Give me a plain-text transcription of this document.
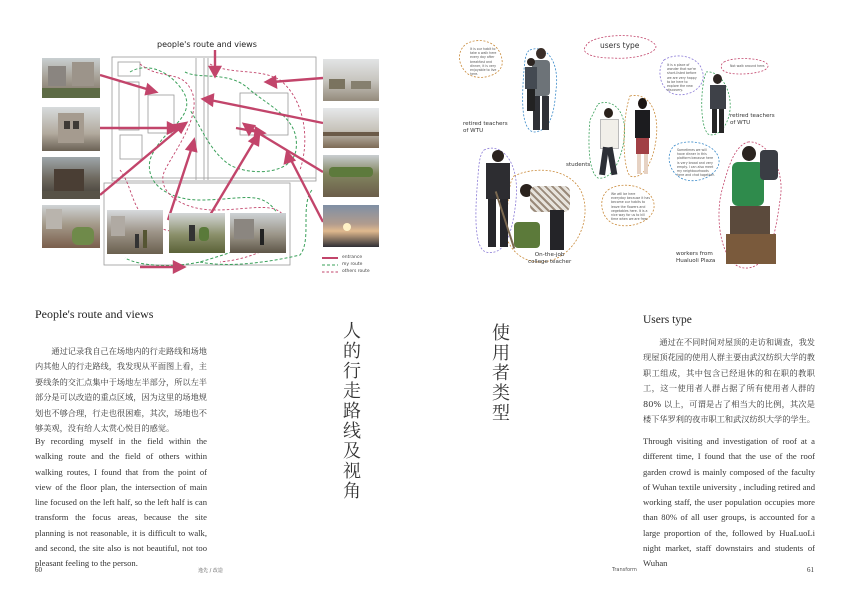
people's route and views
entrance
my route
others route
People's route and views
通过记录我自己在场地内的行走路线和场地内其他人的行走路线，我发现从平面图上看，主要线条的交汇点集中于场地左半部分，所以左半部分是可以改造的重点区域，因为这里的场地规划也不够合理，行走也很困难，其次，场地也不够美观，没有给人太赏心悦目的感觉。
By recording myself in the field within the walking route and the field of others within walking routes, I found that from the point of view of the floor plan, the intersection of main line focused on the left half, so the left half is can transform the focus areas, because the site planning is not reasonable, it is difficult to walk, and second, the site also is not beautiful, not too pleasant feeling to the person.
人的行走路线及视角
60	逸先 / 改造
users type
It is our habit to take a walk here every day after breakfast and dinner, it is very enjoyable to live here.
It is a place of wonder that we're short-listed before we are very happy to be here to explore the new discovery.
Not walk around here.
Sometimes we will have dinner in this platform because here is very broad and very empty. I can also meet my neighbourhoods here and chat together.
We will be here everyday because it has become our habits to leave the flowers and vegetables here. It is a nice way for us to kill time when we are free.
retired teachers
of WTU
retired teachers
of WTU
students
On-the-job
college teacher
workers from
Hualuoli Plaza
使用者类型
Users type
通过在不同时间对屋顶的走访和调查，我发现屋顶花园的使用人群主要由武汉纺织大学的教职工组成，其中包含已经退休的和在职的教职工，这一使用者人群占据了所有使用者人群的 80% 以上，可谓是占了相当大的比例，其次是楼下华罗利的夜市职工和武汉纺织大学的学生。
Through visiting and investigation of roof at a different time, I found that the use of the roof garden crowd is mainly composed of the faculty of Wuhan textile university , including retired and working staff, the user population occupies more than 80% of all user groups, is accounted for a large proportion of the, followed by HuaLuoLi night market, staff downstairs and students of Wuhan
Transform	61
